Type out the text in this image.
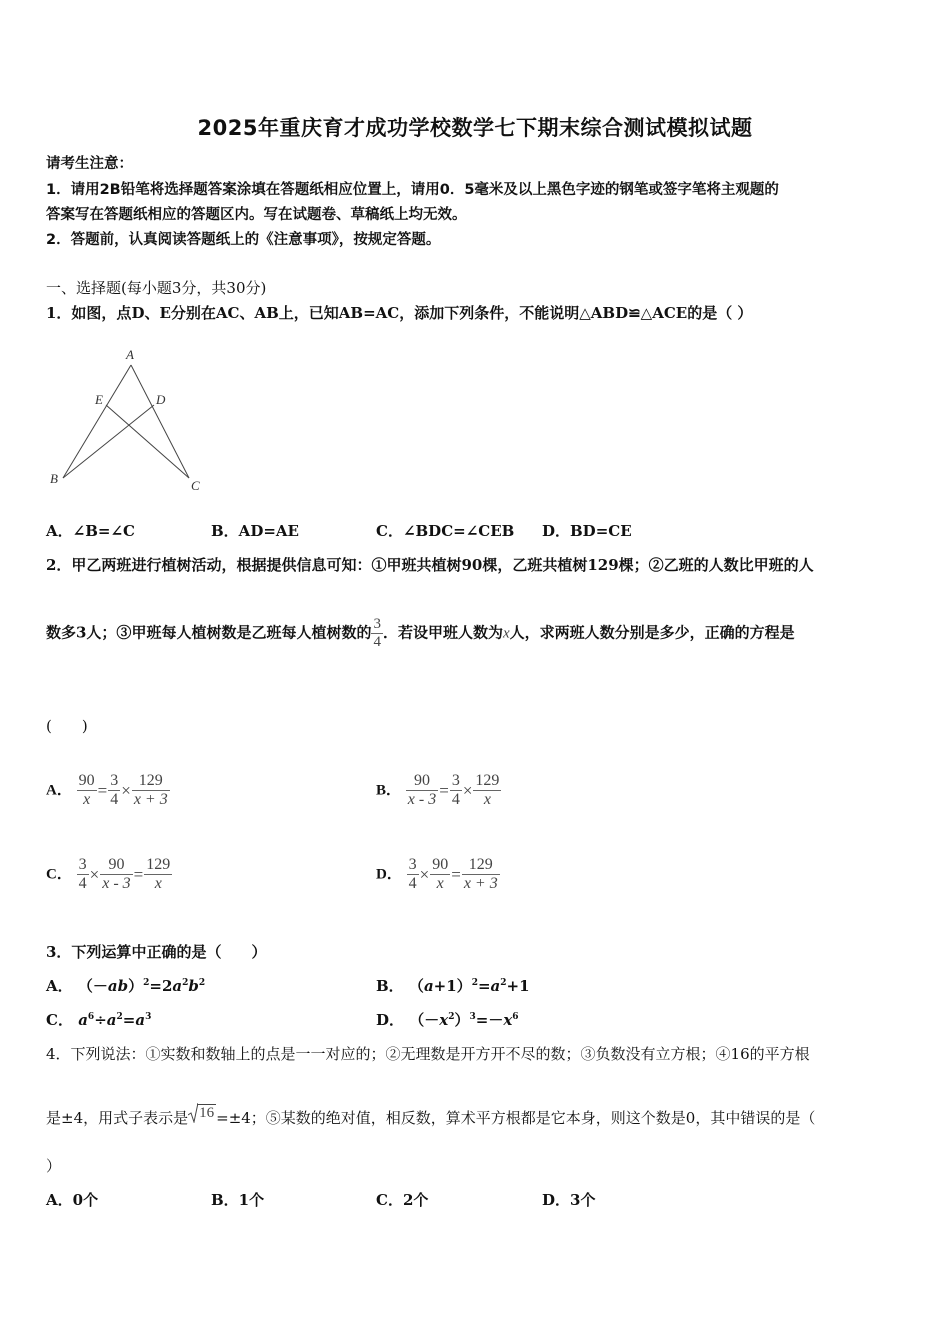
2025年重庆育才成功学校数学七下期末综合测试模拟试题
请考生注意：
1．请用2B铅笔将选择题答案涂填在答题纸相应位置上，请用0．5毫米及以上黑色字迹的钢笔或签字笔将主观题的
答案写在答题纸相应的答题区内。写在试题卷、草稿纸上均无效。
2．答题前，认真阅读答题纸上的《注意事项》，按规定答题。
一、选择题(每小题3分，共30分)
1．如图，点D、E分别在AC、AB上，已知AB=AC，添加下列条件，不能说明△ABD≌△ACE的是（ ）
A
E	D
B	C
A．∠B=∠C	B．AD=AE	C．∠BDC=∠CEB D．BD=CE
2．甲乙两班进行植树活动，根据提供信息可知：①甲班共植树90棵，乙班共植树129棵；②乙班的人数比甲班的人
数多3人；③甲班每人植树数是乙班每人植树数的 $\frac{3}{4}$ ．若设甲班人数为x人，求两班人数分别是多少，正确的方程是
(　　)
A． $\frac{90}{x} = \frac{3}{4} \times \frac{129}{x + 3}$	B． $\frac{90}{x - 3} = \frac{3}{4} \times \frac{129}{x}$
C． $\frac{3}{4} \times \frac{90}{x - 3} = \frac{129}{x}$	D． $\frac{3}{4} \times \frac{90}{x} = \frac{129}{x + 3}$
3．下列运算中正确的是（　　）
A． $(-ab)^2=2a^2b^2$	B． $(a+1)^2=a^2+1$
C． $a^6\div a^2=a^3$	D． $(-x^2)^3=-x^6$
4．下列说法：①实数和数轴上的点是一一对应的；②无理数是开方开不尽的数；③负数没有立方根；④16的平方根
是±4，用式子表示是 16 =±4；⑤某数的绝对值，相反数，算术平方根都是它本身，则这个数是0，其中错误的是（
）
A．0个	B．1个	C．2个	D．3个
